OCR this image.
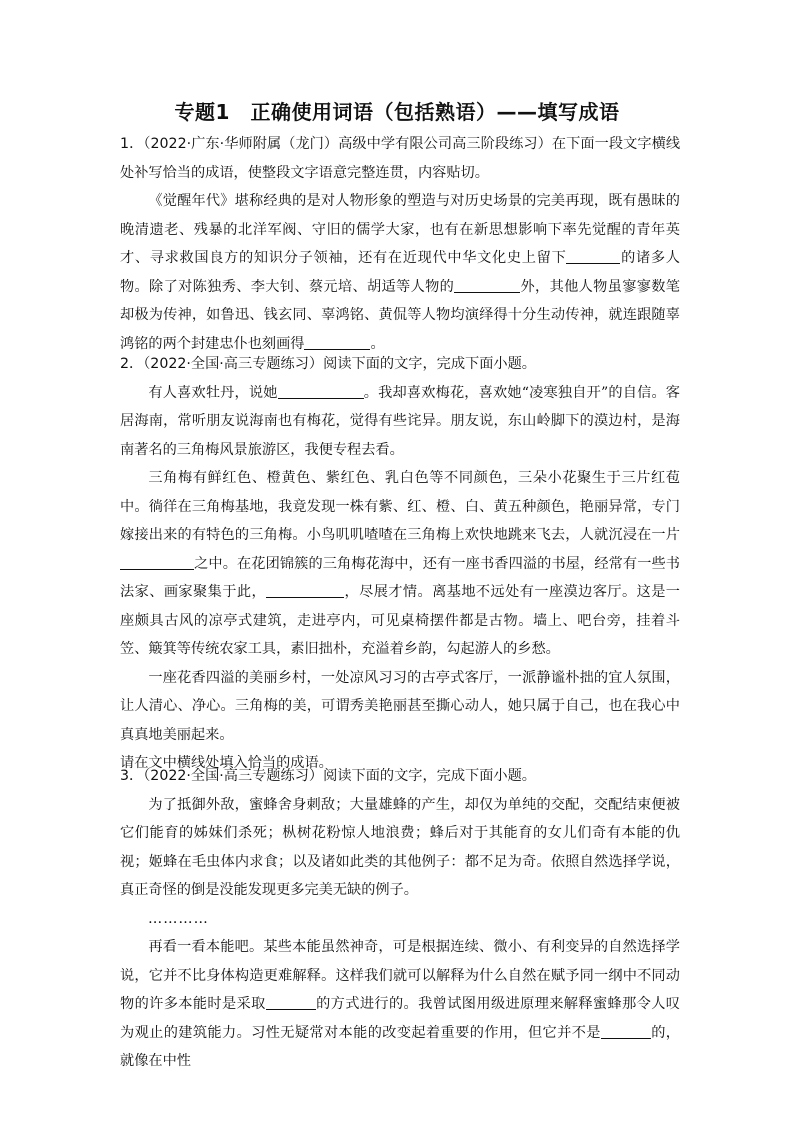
专题1　正确使用词语（包括熟语）——填写成语

1．（2022·广东·华师附属（龙门）高级中学有限公司高三阶段练习）在下面一段文字横线处补写恰当的成语，使整段文字语意完整连贯，内容贴切。

《觉醒年代》堪称经典的是对人物形象的塑造与对历史场景的完美再现，既有愚昧的晚清遗老、残暴的北洋军阀、守旧的儒学大家，也有在新思想影响下率先觉醒的青年英才、寻求救国良方的知识分子领袖，还有在近现代中华文化史上留下	的诸多人物。除了对陈独秀、李大钊、蔡元培、胡适等人物的	外，其他人物虽寥寥数笔却极为传神，如鲁迅、钱玄同、辜鸿铭、黄侃等人物均演绎得十分生动传神，就连跟随辜鸿铭的两个封建忠仆也刻画得	。

2．（2022·全国·高三专题练习）阅读下面的文字，完成下面小题。

有人喜欢牡丹，说她	。我却喜欢梅花，喜欢她“凌寒独自开”的自信。客居海南，常听朋友说海南也有梅花，觉得有些诧异。朋友说，东山岭脚下的漠边村，是海南著名的三角梅风景旅游区，我便专程去看。

三角梅有鲜红色、橙黄色、紫红色、乳白色等不同颜色，三朵小花聚生于三片红苞中。徜徉在三角梅基地，我竟发现一株有紫、红、橙、白、黄五种颜色，艳丽异常，专门嫁接出来的有特色的三角梅。小鸟叽叽喳喳在三角梅上欢快地跳来飞去，人就沉浸在一片之中。在花团锦簇的三角梅花海中，还有一座书香四溢的书屋，经常有一些书法家、画家聚集于此，	，尽展才情。离基地不远处有一座漠边客厅。这是一座颇具古风的凉亭式建筑，走进亭内，可见桌椅摆件都是古物。墙上、吧台旁，挂着斗笠、簸箕等传统农家工具，素旧拙朴，充溢着乡韵，勾起游人的乡愁。

一座花香四溢的美丽乡村，一处凉风习习的古亭式客厅，一派静谧朴拙的宜人氛围，让人清心、净心。三角梅的美，可谓秀美艳丽甚至撕心动人，她只属于自己，也在我心中真真地美丽起来。

请在文中横线处填入恰当的成语。

3．（2022·全国·高三专题练习）阅读下面的文字，完成下面小题。

为了抵御外敌，蜜蜂舍身刺敌；大量雄蜂的产生，却仅为单纯的交配，交配结束便被它们能育的姊妹们杀死；枞树花粉惊人地浪费；蜂后对于其能育的女儿们奇有本能的仇视；姬蜂在毛虫体内求食；以及诸如此类的其他例子：都不足为奇。依照自然选择学说，真正奇怪的倒是没能发现更多完美无缺的例子。

…………

再看一看本能吧。某些本能虽然神奇，可是根据连续、微小、有利变异的自然选择学说，它并不比身体构造更难解释。这样我们就可以解释为什么自然在赋予同一纲中不同动物的许多本能时是采取	的方式进行的。我曾试图用级进原理来解释蜜蜂那令人叹为观止的建筑能力。习性无疑常对本能的改变起着重要的作用，但它并不是	的，就像在中性
